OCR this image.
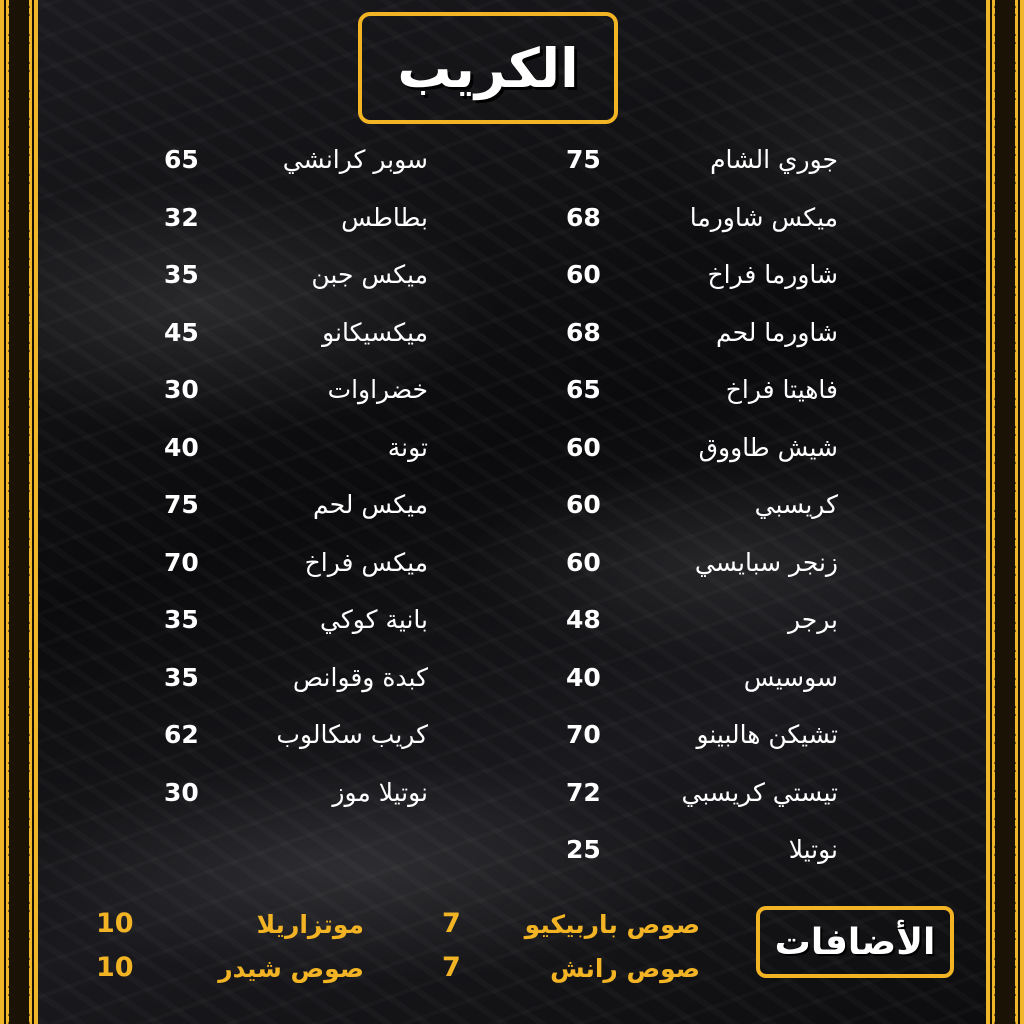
الكريب
جوري الشام
75
ميكس شاورما
68
شاورما فراخ
60
شاورما لحم
68
فاهيتا فراخ
65
شيش طاووق
60
كريسبي
60
زنجر سبايسي
60
برجر
48
سوسيس
40
تشيكن هالبينو
70
تيستي كريسبي
72
نوتيلا
25
سوبر كرانشي
65
بطاطس
32
ميكس جبن
35
ميكسيكانو
45
خضراوات
30
تونة
40
ميكس لحم
75
ميكس فراخ
70
بانية كوكي
35
كبدة وقوانص
35
كريب سكالوب
62
نوتيلا موز
30
الأضافات
صوص باربيكيو
7
صوص رانش
7
موتزاريلا
10
صوص شيدر
10
